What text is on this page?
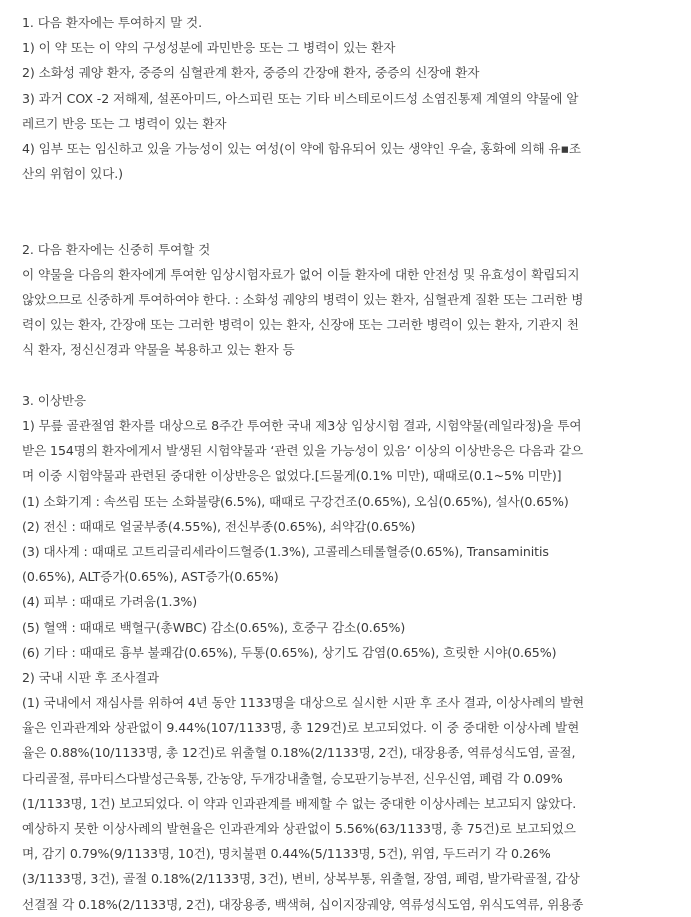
1. 다음 환자에는 투여하지 말 것.
1) 이 약 또는 이 약의 구성성분에 과민반응 또는 그 병력이 있는 환자
2) 소화성 궤양 환자, 중증의 심혈관계 환자, 중증의 간장애 환자, 중증의 신장애 환자
3) 과거 COX -2 저해제, 설폰아미드, 아스피린 또는 기타 비스테로이드성 소염진통제 계열의 약물에 알
레르기 반응 또는 그 병력이 있는 환자
4) 임부 또는 임신하고 있을 가능성이 있는 여성(이 약에 함유되어 있는 생약인 우슬, 홍화에 의해 유▪조
산의 위험이 있다.)
2. 다음 환자에는 신중히 투여할 것
이 약물을 다음의 환자에게 투여한 임상시험자료가 없어 이들 환자에 대한 안전성 및 유효성이 확립되지
않았으므로 신중하게 투여하여야 한다. : 소화성 궤양의 병력이 있는 환자, 심혈관계 질환 또는 그러한 병
력이 있는 환자, 간장애 또는 그러한 병력이 있는 환자, 신장애 또는 그러한 병력이 있는 환자, 기관지 천
식 환자, 정신신경과 약물을 복용하고 있는 환자 등
3. 이상반응
1) 무릎 골관절염 환자를 대상으로 8주간 투여한 국내 제3상 임상시험 결과, 시험약물(레일라정)을 투여
받은 154명의 환자에게서 발생된 시험약물과 ‘관련 있을 가능성이 있음’ 이상의 이상반응은 다음과 같으
며 이중 시험약물과 관련된 중대한 이상반응은 없었다.[드물게(0.1% 미만), 때때로(0.1~5% 미만)]
(1) 소화기계 : 속쓰림 또는 소화불량(6.5%), 때때로 구강건조(0.65%), 오심(0.65%), 설사(0.65%)
(2) 전신 : 때때로 얼굴부종(4.55%), 전신부종(0.65%), 쇠약감(0.65%)
(3) 대사계 : 때때로 고트리글리세라이드혈증(1.3%), 고콜레스테롤혈증(0.65%), Transaminitis
(0.65%), ALT증가(0.65%), AST증가(0.65%)
(4) 피부 : 때때로 가려움(1.3%)
(5) 혈액 : 때때로 백혈구(총WBC) 감소(0.65%), 호중구 감소(0.65%)
(6) 기타 : 때때로 흉부 불쾌감(0.65%), 두통(0.65%), 상기도 감염(0.65%), 흐릿한 시야(0.65%)
2) 국내 시판 후 조사결과
(1) 국내에서 재심사를 위하여 4년 동안 1133명을 대상으로 실시한 시판 후 조사 결과, 이상사례의 발현
율은 인과관계와 상관없이 9.44%(107/1133명, 총 129건)로 보고되었다. 이 중 중대한 이상사례 발현
율은 0.88%(10/1133명, 총 12건)로 위출혈 0.18%(2/1133명, 2건), 대장용종, 역류성식도염, 골절,
다리골절, 류마티스다발성근육통, 간농양, 두개강내출혈, 승모판기능부전, 신우신염, 폐렴 각 0.09%
(1/1133명, 1건) 보고되었다. 이 약과 인과관계를 배제할 수 없는 중대한 이상사례는 보고되지 않았다.
예상하지 못한 이상사례의 발현율은 인과관계와 상관없이 5.56%(63/1133명, 총 75건)로 보고되었으
며, 감기 0.79%(9/1133명, 10건), 명치불편 0.44%(5/1133명, 5건), 위염, 두드러기 각 0.26%
(3/1133명, 3건), 골절 0.18%(2/1133명, 3건), 변비, 상복부통, 위출혈, 장염, 폐렴, 발가락골절, 갑상
선결절 각 0.18%(2/1133명, 2건), 대장용종, 백색혀, 십이지장궤양, 역류성식도염, 위식도역류, 위용종
